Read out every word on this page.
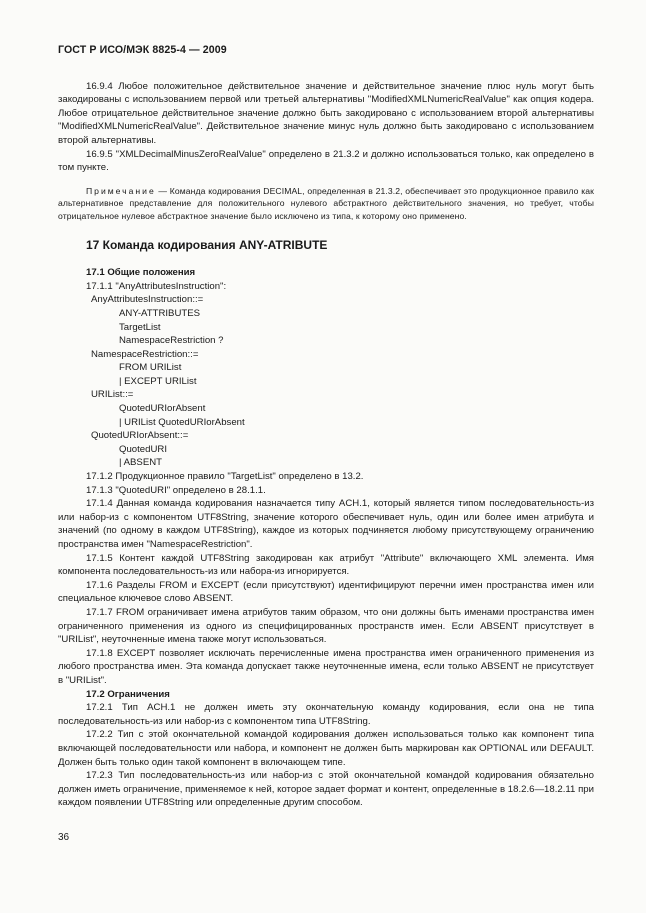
ГОСТ Р ИСО/МЭК 8825-4 — 2009

16.9.4 Любое положительное действительное значение и действительное значение плюс нуль могут быть закодированы с использованием первой или третьей альтернативы "ModifiedXMLNumericRealValue" как опция кодера. Любое отрицательное действительное значение должно быть закодировано с использованием второй альтернативы "ModifiedXMLNumericRealValue". Действительное значение минус нуль должно быть закодировано с использованием второй альтернативы.

16.9.5 "XMLDecimalMinusZeroRealValue" определено в 21.3.2 и должно использоваться только, как определено в том пункте.

Примечание — Команда кодирования DECIMAL, определенная в 21.3.2, обеспечивает это продукционное правило как альтернативное представление для положительного нулевого абстрактного действительного значения, но требует, чтобы отрицательное нулевое абстрактное значение было исключено из типа, к которому оно применено.

17 Команда кодирования ANY-ATRIBUTE
17.1 Общие положения

17.1.1 "AnyAttributesInstruction":

AnyAttributesInstruction::=
ANY-ATTRIBUTES
TargetList
NamespaceRestriction ?
NamespaceRestriction::=
FROM URIList
| EXCEPT URIList
URIList::=
QuotedURIorAbsent
| URIList QuotedURIorAbsent
QuotedURIorAbsent::=
QuotedURI
| ABSENT

17.1.2 Продукционное правило "TargetList" определено в 13.2.

17.1.3 "QuotedURI" определено в 28.1.1.

17.1.4 Данная команда кодирования назначается типу ACH.1, который является типом последовательность-из или набор-из с компонентом UTF8String, значение которого обеспечивает нуль, один или более имен атрибута и значений (по одному в каждом UTF8String), каждое из которых подчиняется любому присутствующему ограничению пространства имен "NamespaceRestriction".

17.1.5 Контент каждой UTF8String закодирован как атрибут "Attribute" включающего XML элемента. Имя компонента последовательность-из или набора-из игнорируется.

17.1.6 Разделы FROM и EXCEPT (если присутствуют) идентифицируют перечни имен пространства имен или специальное ключевое слово ABSENT.

17.1.7 FROM ограничивает имена атрибутов таким образом, что они должны быть именами пространства имен ограниченного применения из одного из специфицированных пространств имен. Если ABSENT присутствует в "URIList", неуточненные имена также могут использоваться.

17.1.8 EXCEPT позволяет исключать перечисленные имена пространства имен ограниченного применения из любого пространства имен. Эта команда допускает также неуточненные имена, если только ABSENT не присутствует в "URIList".

17.2 Ограничения

17.2.1 Тип ACH.1 не должен иметь эту окончательную команду кодирования, если она не типа последовательность-из или набор-из с компонентом типа UTF8String.

17.2.2 Тип с этой окончательной командой кодирования должен использоваться только как компонент типа включающей последовательности или набора, и компонент не должен быть маркирован как OPTIONAL или DEFAULT. Должен быть только один такой компонент в включающем типе.

17.2.3 Тип последовательность-из или набор-из с этой окончательной командой кодирования обязательно должен иметь ограничение, применяемое к ней, которое задает формат и контент, определенные в 18.2.6—18.2.11 при каждом появлении UTF8String или определенные другим способом.

36
